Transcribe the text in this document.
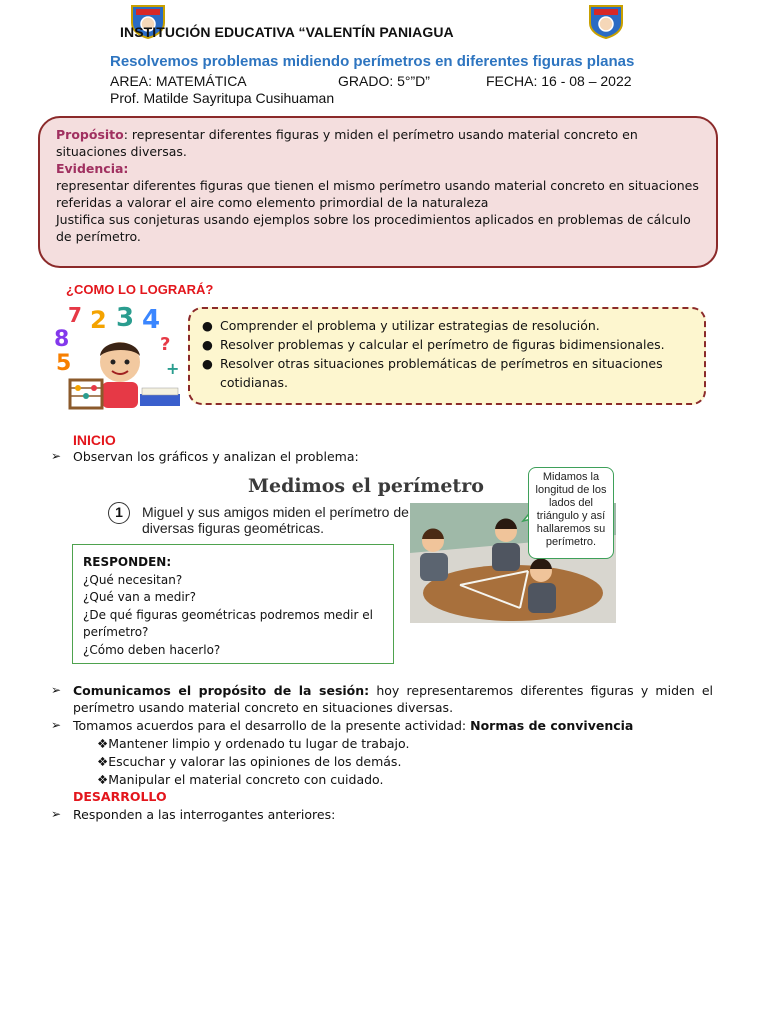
INSTITUCIÓN EDUCATIVA “VALENTÍN PANIAGUA
Resolvemos problemas midiendo perímetros en diferentes figuras planas
AREA: MATEMÁTICA	GRADO: 5°”D”	FECHA: 16 - 08 – 2022
Prof. Matilde Sayritupa Cusihuaman
Propósito: representar diferentes figuras y miden el perímetro usando material concreto en situaciones diversas.
Evidencia:
representar diferentes figuras que tienen el mismo perímetro usando material concreto en situaciones referidas a valorar el aire como elemento primordial de la naturaleza
Justifica sus conjeturas usando ejemplos sobre los procedimientos aplicados en problemas de cálculo de perímetro.
¿COMO LO LOGRARÁ?
7 2 3 4
8	?
5	+
● Comprender el problema y utilizar estrategias de resolución.
● Resolver problemas y calcular el perímetro de figuras bidimensionales.
● Resolver otras situaciones problemáticas de perímetros en situaciones cotidianas.
INICIO
➢ Observan los gráficos y analizan el problema:
Medimos el perímetro
1	Miguel y sus amigos miden el perímetro de diversas figuras geométricas.
Midamos la longitud de los lados del triángulo y así hallaremos su perímetro.
RESPONDEN:
¿Qué necesitan?
¿Qué van a medir?
¿De qué figuras geométricas podremos medir el perímetro?
¿Cómo deben hacerlo?
➢ Comunicamos el propósito de la sesión: hoy representaremos diferentes figuras y miden el perímetro usando material concreto en situaciones diversas.
➢ Tomamos acuerdos para el desarrollo de la presente actividad: Normas de convivencia
❖Mantener limpio y ordenado tu lugar de trabajo.
❖Escuchar y valorar las opiniones de los demás.
❖Manipular el material concreto con cuidado.
DESARROLLO
➢ Responden a las interrogantes anteriores:
